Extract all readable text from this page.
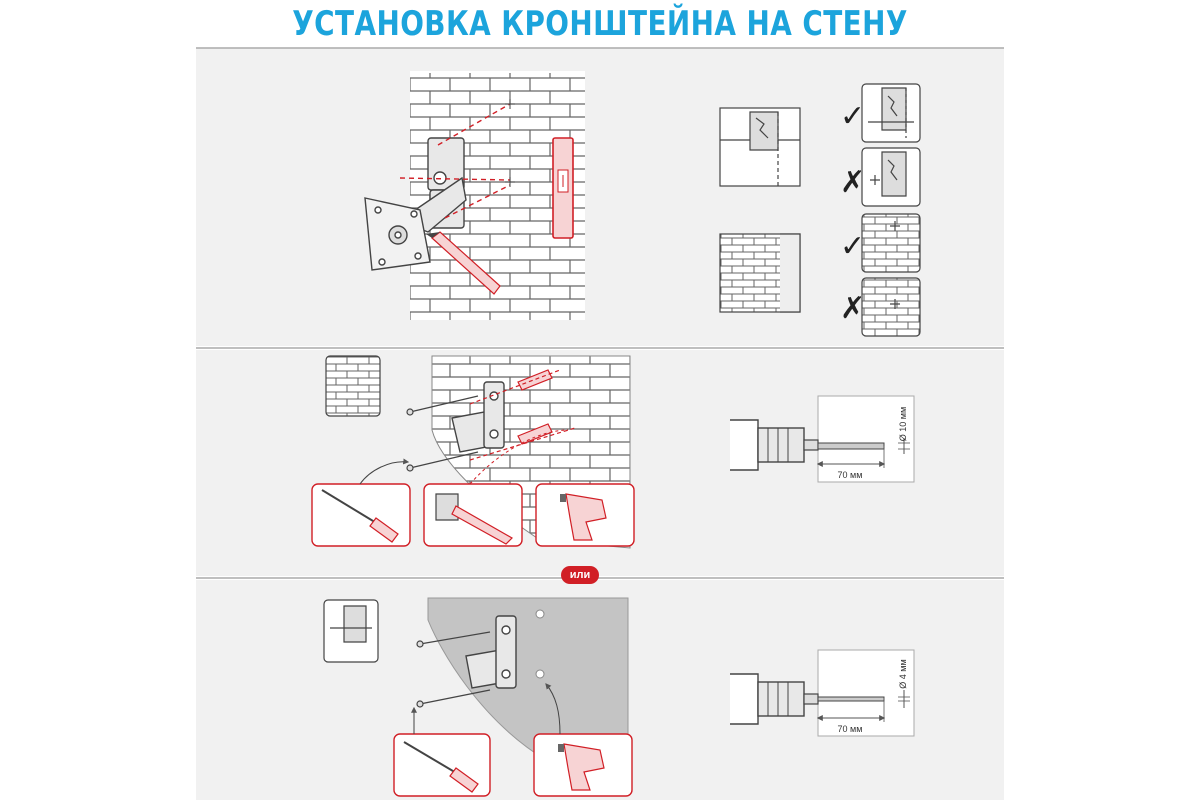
70 мм
Ø 10 мм
70 мм
Ø 4 мм
✓
✗
✓
✗
УСТАНОВКА КРОНШТЕЙНА НА СТЕНУ
или
